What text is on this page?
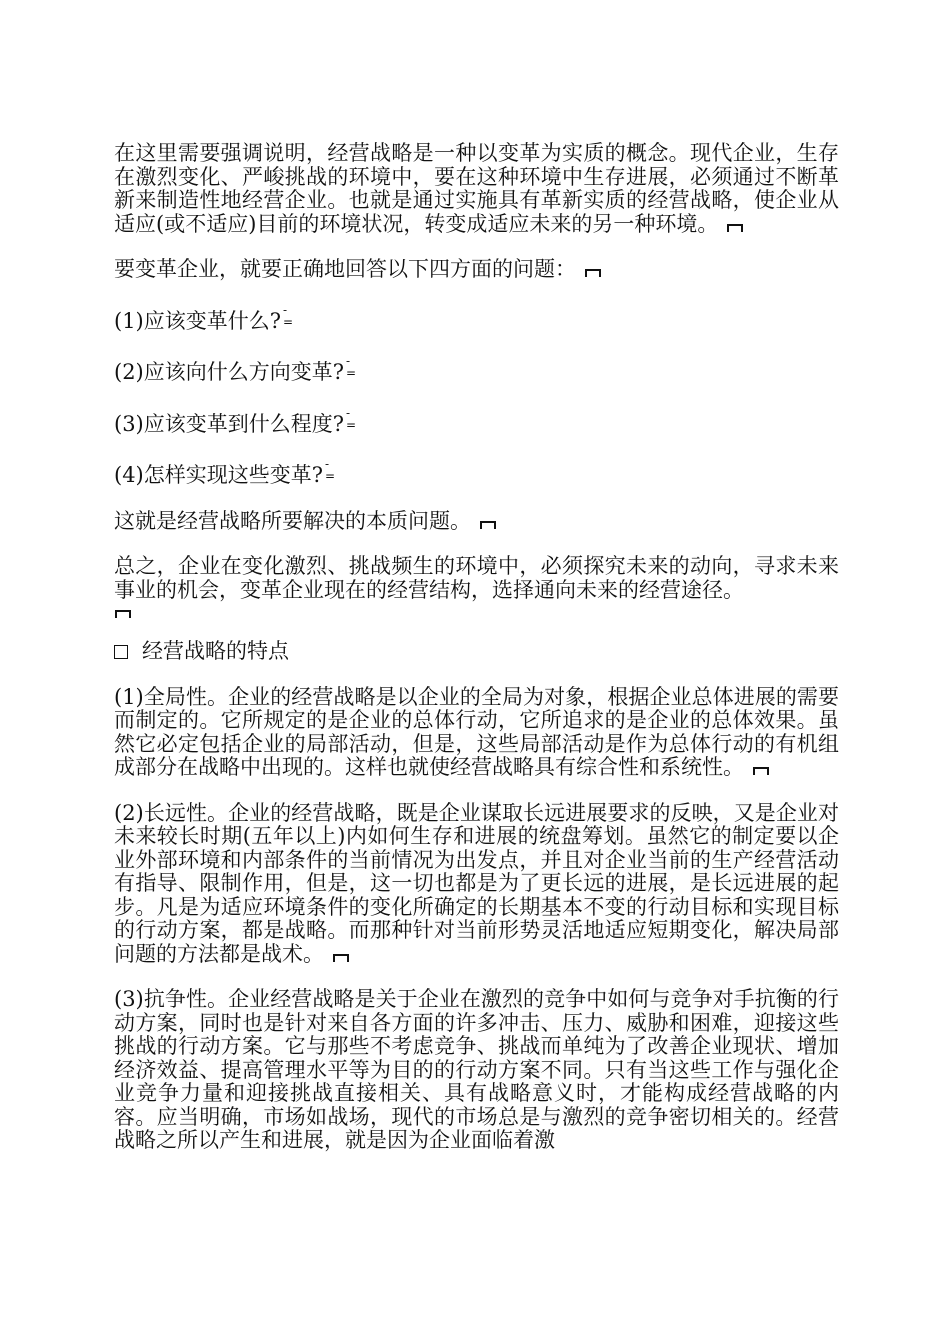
在这里需要强调说明，经营战略是一种以变革为实质的概念。现代企业，生存在激烈变化、严峻挑战的环境中，要在这种环境中生存进展，必须通过不断革新来制造性地经营企业。也就是通过实施具有革新实质的经营战略，使企业从适应(或不适应)目前的环境状况，转变成适应未来的另一种环境。

要变革企业，就要正确地回答以下四方面的问题：

(1)应该变革什么? -=

(2)应该向什么方向变革? -=

(3)应该变革到什么程度? -=

(4)怎样实现这些变革? -=

这就是经营战略所要解决的本质问题。

总之，企业在变化激烈、挑战频生的环境中，必须探究未来的动向，寻求未来事业的机会，变革企业现在的经营结构，选择通向未来的经营途径。

经营战略的特点

(1)全局性。企业的经营战略是以企业的全局为对象，根据企业总体进展的需要而制定的。它所规定的是企业的总体行动，它所追求的是企业的总体效果。虽然它必定包括企业的局部活动，但是，这些局部活动是作为总体行动的有机组成部分在战略中出现的。这样也就使经营战略具有综合性和系统性。

(2)长远性。企业的经营战略，既是企业谋取长远进展要求的反映，又是企业对未来较长时期(五年以上)内如何生存和进展的统盘筹划。虽然它的制定要以企业外部环境和内部条件的当前情况为出发点，并且对企业当前的生产经营活动有指导、限制作用，但是，这一切也都是为了更长远的进展，是长远进展的起步。凡是为适应环境条件的变化所确定的长期基本不变的行动目标和实现目标的行动方案，都是战略。而那种针对当前形势灵活地适应短期变化，解决局部问题的方法都是战术。

(3)抗争性。企业经营战略是关于企业在激烈的竞争中如何与竞争对手抗衡的行动方案，同时也是针对来自各方面的许多冲击、压力、威胁和困难，迎接这些挑战的行动方案。它与那些不考虑竞争、挑战而单纯为了改善企业现状、增加经济效益、提高管理水平等为目的的行动方案不同。只有当这些工作与强化企业竞争力量和迎接挑战直接相关、具有战略意义时，才能构成经营战略的内容。应当明确，市场如战场，现代的市场总是与激烈的竞争密切相关的。经营战略之所以产生和进展，就是因为企业面临着激
